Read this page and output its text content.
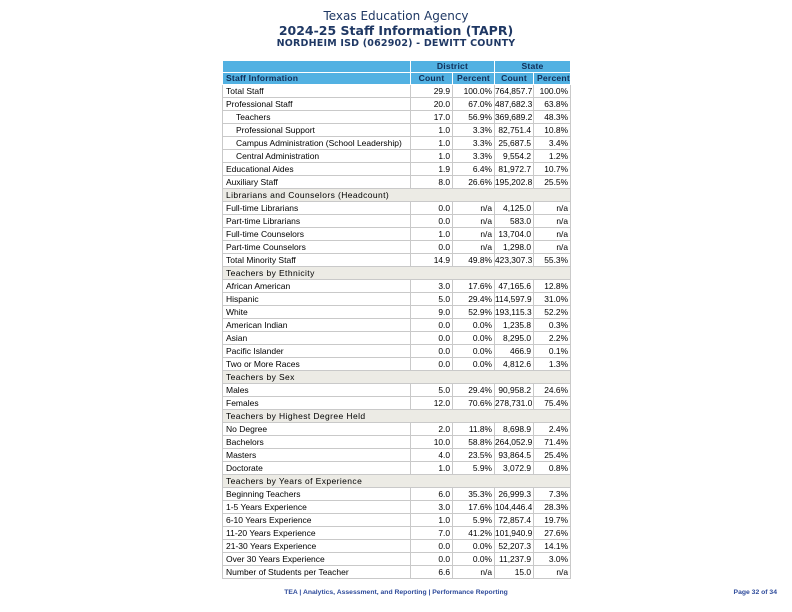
Texas Education Agency
2024-25 Staff Information (TAPR)
NORDHEIM ISD (062902) - DEWITT COUNTY
	District		State	
Staff Information	Count	Percent	Count	Percent
Total Staff	29.9	100.0%	764,857.7	100.0%
Professional Staff	20.0	67.0%	487,682.3	63.8%
Teachers	17.0	56.9%	369,689.2	48.3%
Professional Support	1.0	3.3%	82,751.4	10.8%
Campus Administration (School Leadership)	1.0	3.3%	25,687.5	3.4%
Central Administration	1.0	3.3%	9,554.2	1.2%
Educational Aides	1.9	6.4%	81,972.7	10.7%
Auxiliary Staff	8.0	26.6%	195,202.8	25.5%
Librarians and Counselors (Headcount)				
Full-time Librarians	0.0	n/a	4,125.0	n/a
Part-time Librarians	0.0	n/a	583.0	n/a
Full-time Counselors	1.0	n/a	13,704.0	n/a
Part-time Counselors	0.0	n/a	1,298.0	n/a
Total Minority Staff	14.9	49.8%	423,307.3	55.3%
Teachers by Ethnicity				
African American	3.0	17.6%	47,165.6	12.8%
Hispanic	5.0	29.4%	114,597.9	31.0%
White	9.0	52.9%	193,115.3	52.2%
American Indian	0.0	0.0%	1,235.8	0.3%
Asian	0.0	0.0%	8,295.0	2.2%
Pacific Islander	0.0	0.0%	466.9	0.1%
Two or More Races	0.0	0.0%	4,812.6	1.3%
Teachers by Sex				
Males	5.0	29.4%	90,958.2	24.6%
Females	12.0	70.6%	278,731.0	75.4%
Teachers by Highest Degree Held				
No Degree	2.0	11.8%	8,698.9	2.4%
Bachelors	10.0	58.8%	264,052.9	71.4%
Masters	4.0	23.5%	93,864.5	25.4%
Doctorate	1.0	5.9%	3,072.9	0.8%
Teachers by Years of Experience				
Beginning Teachers	6.0	35.3%	26,999.3	7.3%
1-5 Years Experience	3.0	17.6%	104,446.4	28.3%
6-10 Years Experience	1.0	5.9%	72,857.4	19.7%
11-20 Years Experience	7.0	41.2%	101,940.9	27.6%
21-30 Years Experience	0.0	0.0%	52,207.3	14.1%
Over 30 Years Experience	0.0	0.0%	11,237.9	3.0%
Number of Students per Teacher	6.6	n/a	15.0	n/a
TEA | Analytics, Assessment, and Reporting | Performance Reporting	Page 32 of 34
